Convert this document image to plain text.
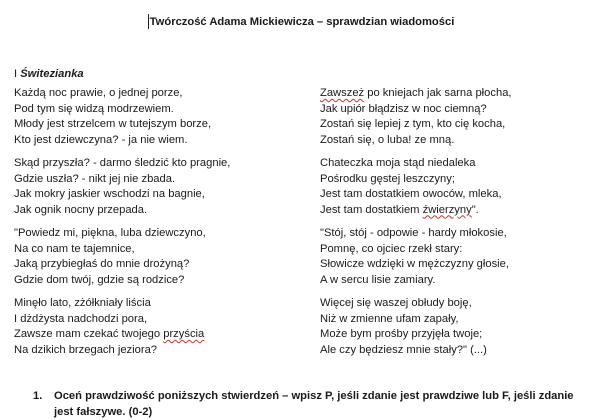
Twórczość Adama Mickiewicza – sprawdzian wiadomości
I Świtezianka
Każdą noc prawie, o jednej porze,
Pod tym się widzą modrzewiem.
Młody jest strzelcem w tutejszym borze,
Kto jest dziewczyna? - ja nie wiem.
Skąd przyszła? - darmo śledzić kto pragnie,
Gdzie uszła? - nikt jej nie zbada.
Jak mokry jaskier wschodzi na bagnie,
Jak ognik nocny przepada.
"Powiedz mi, piękna, luba dziewczyno,
Na co nam te tajemnice,
Jaką przybiegłaś do mnie drożyną?
Gdzie dom twój, gdzie są rodzice?
Minęło lato, zżółkniały liścia
I dżdżysta nadchodzi pora,
Zawsze mam czekać twojego przyścia
Na dzikich brzegach jeziora?
Zawszeż po kniejach jak sarna płocha,
Jak upiór błądzisz w noc ciemną?
Zostań się lepiej z tym, kto cię kocha,
Zostań się, o luba! ze mną.
Chateczka moja stąd niedaleka
Pośrodku gęstej leszczyny;
Jest tam dostatkiem owoców, mleka,
Jest tam dostatkiem źwierzyny".
"Stój, stój - odpowie - hardy młokosie,
Pomnę, co ojciec rzekł stary:
Słowicze wdzięki w mężczyzny głosie,
A w sercu lisie zamiary.
Więcej się waszej obłudy boję,
Niż w zmienne ufam zapały,
Może bym prośby przyjęła twoje;
Ale czy będziesz mnie stały?" (...)
1. Oceń prawdziwość poniższych stwierdzeń – wpisz P, jeśli zdanie jest prawdziwe lub F, jeśli zdanie jest fałszywe. (0-2)
